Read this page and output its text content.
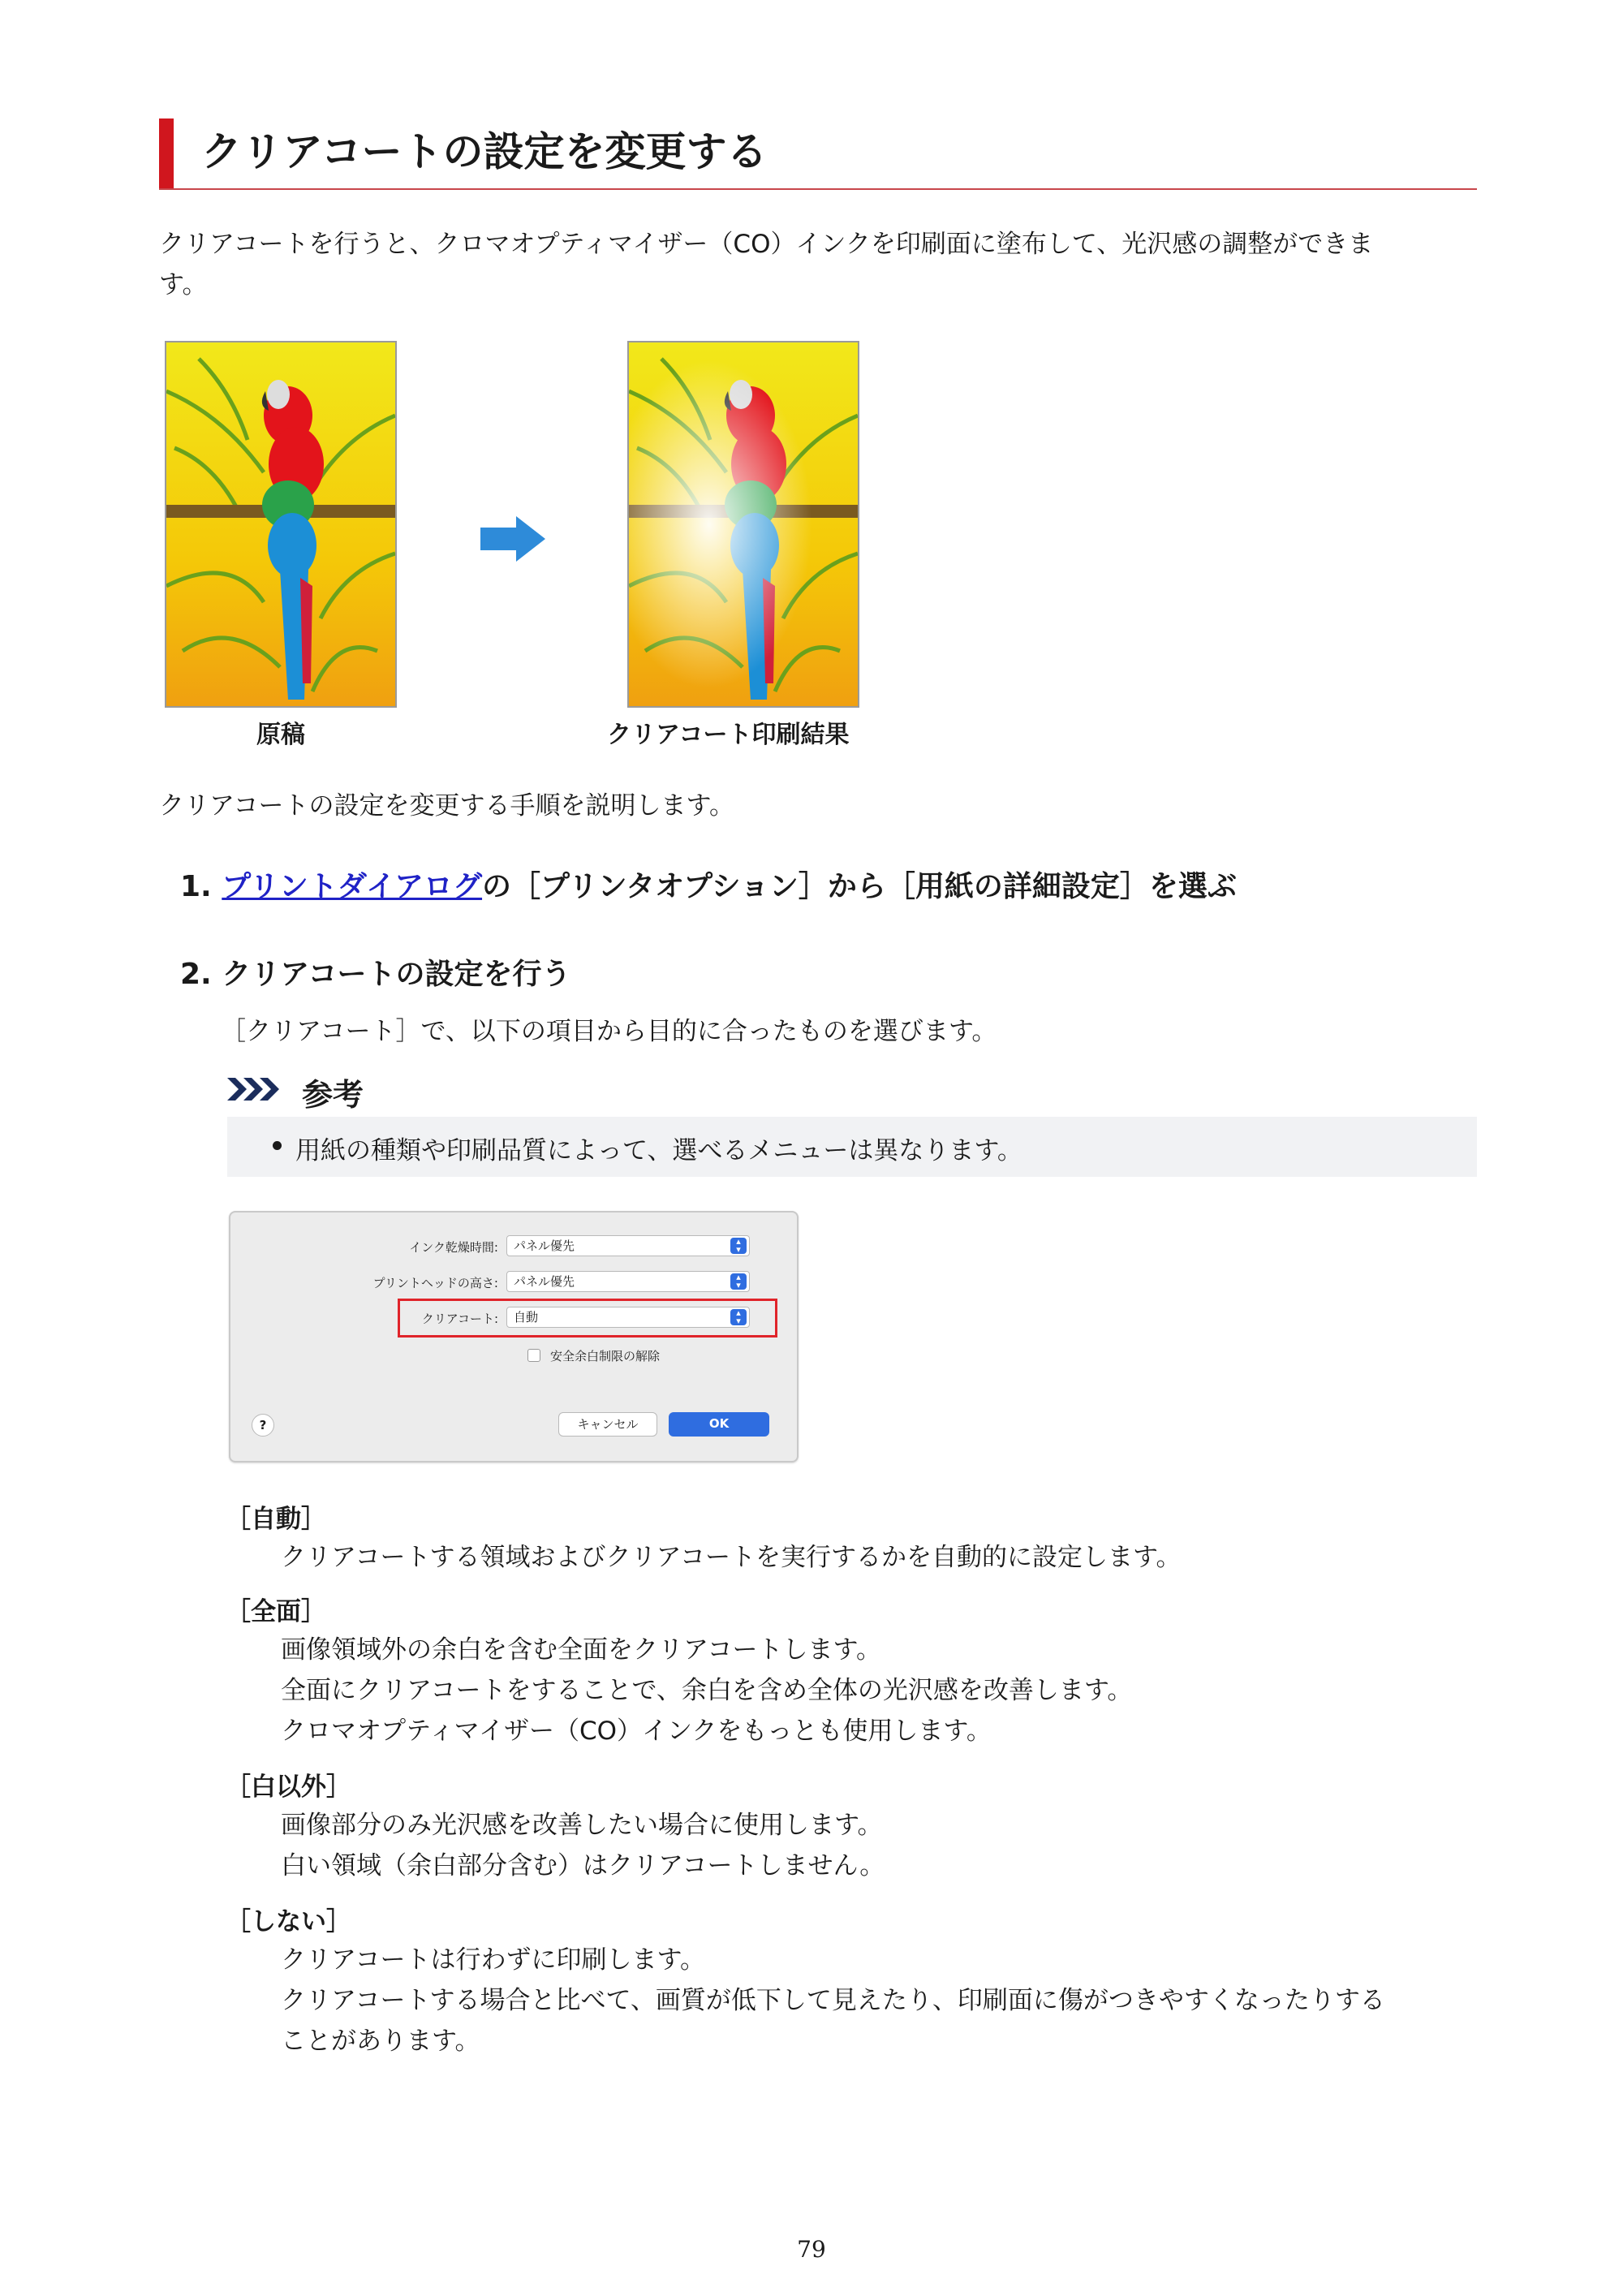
クリアコートの設定を変更する
クリアコートを行うと、クロマオプティマイザー（CO）インクを印刷面に塗布して、光沢感の調整ができま
す。
原稿	クリアコート印刷結果
クリアコートの設定を変更する手順を説明します。
1. プリントダイアログの［プリンタオプション］から［用紙の詳細設定］を選ぶ
2. クリアコートの設定を行う
［クリアコート］で、以下の項目から目的に合ったものを選びます。
参考
用紙の種類や印刷品質によって、選べるメニューは異なります。
インク乾燥時間:	パネル優先	▴
▾
プリントヘッドの高さ:	パネル優先	▴
▾
クリアコート:	自動	▴
▾
安全余白制限の解除
?	キャンセル	OK
［自動］
クリアコートする領域およびクリアコートを実行するかを自動的に設定します。
［全面］
画像領域外の余白を含む全面をクリアコートします。
全面にクリアコートをすることで、余白を含め全体の光沢感を改善します。
クロマオプティマイザー（CO）インクをもっとも使用します。
［白以外］
画像部分のみ光沢感を改善したい場合に使用します。
白い領域（余白部分含む）はクリアコートしません。
［しない］
クリアコートは行わずに印刷します。
クリアコートする場合と比べて、画質が低下して見えたり、印刷面に傷がつきやすくなったりする
ことがあります。
79
